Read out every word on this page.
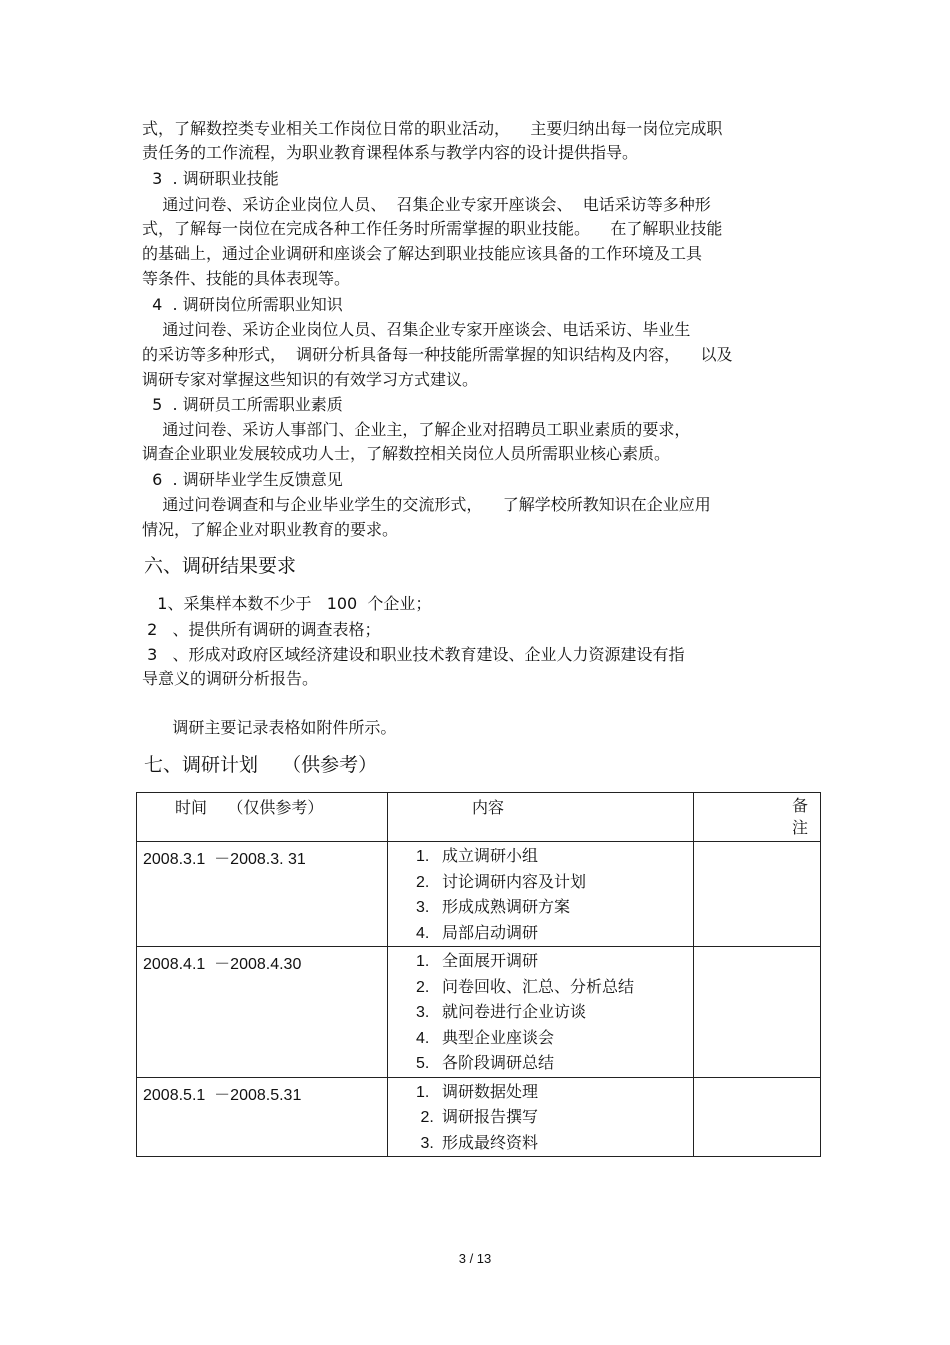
式，了解数控类专业相关工作岗位日常的职业活动，    主要归纳出每一岗位完成职
责任务的工作流程，为职业教育课程体系与教学内容的设计提供指导。
3  . 调研职业技能
通过问卷、采访企业岗位人员、  召集企业专家开座谈会、  电话采访等多种形
式，了解每一岗位在完成各种工作任务时所需掌握的职业技能。    在了解职业技能
的基础上，通过企业调研和座谈会了解达到职业技能应该具备的工作环境及工具
等条件、技能的具体表现等。
4  . 调研岗位所需职业知识
通过问卷、采访企业岗位人员、召集企业专家开座谈会、电话采访、毕业生
的采访等多种形式，  调研分析具备每一种技能所需掌握的知识结构及内容，    以及
调研专家对掌握这些知识的有效学习方式建议。
5  . 调研员工所需职业素质
通过问卷、采访人事部门、企业主，了解企业对招聘员工职业素质的要求，
调查企业职业发展较成功人士，了解数控相关岗位人员所需职业核心素质。
6  . 调研毕业学生反馈意见
通过问卷调查和与企业毕业学生的交流形式，    了解学校所教知识在企业应用
情况，了解企业对职业教育的要求。
六、调研结果要求
1、采集样本数不少于   100  个企业；
2   、提供所有调研的调查表格；
3   、形成对政府区域经济建设和职业技术教育建设、企业人力资源建设有指
导意义的调研分析报告。
调研主要记录表格如附件所示。
七、调研计划    （供参考）
时间    （仅供参考）	内容	备
注

2008.3.1  －2008.3. 31	1. 成立调研小组
2. 讨论调研内容及计划
3. 形成成熟调研方案
4. 局部启动调研	

2008.4.1  －2008.4.30	1. 全面展开调研
2. 问卷回收、汇总、分析总结
3. 就问卷进行企业访谈
4. 典型企业座谈会
5. 各阶段调研总结	

2008.5.1  －2008.5.31	1. 调研数据处理
2. 调研报告撰写
3. 形成最终资料	

3 / 13
